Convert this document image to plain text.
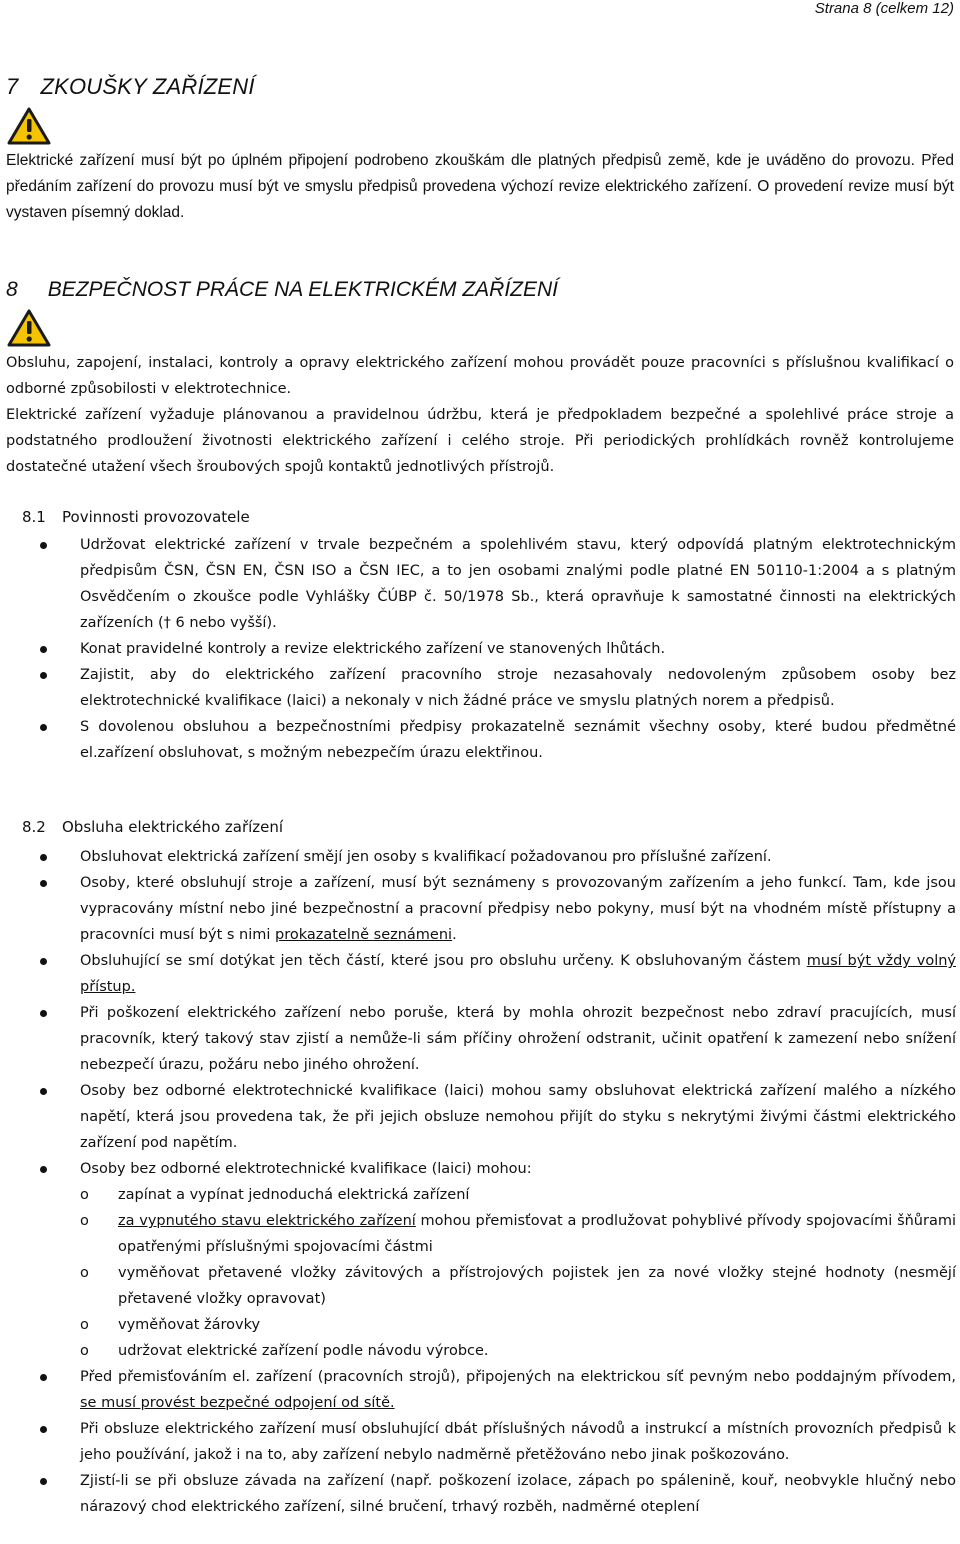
Strana 8 (celkem 12)
7 ZKOUŠKY ZAŘÍZENÍ
Elektrické zařízení musí být po úplném připojení podrobeno zkouškám dle platných předpisů země, kde je uváděno do provozu. Před předáním zařízení do provozu musí být ve smyslu předpisů provedena výchozí revize elektrického zařízení. O provedení revize musí být vystaven písemný doklad.
8 BEZPEČNOST PRÁCE NA ELEKTRICKÉM ZAŘÍZENÍ
Obsluhu, zapojení, instalaci, kontroly a opravy elektrického zařízení mohou provádět pouze pracovníci s příslušnou kvalifikací o odborné způsobilosti v elektrotechnice.
Elektrické zařízení vyžaduje plánovanou a pravidelnou údržbu, která je předpokladem bezpečné a spolehlivé práce stroje a podstatného prodloužení životnosti elektrického zařízení i celého stroje. Při periodických prohlídkách rovněž kontrolujeme dostatečné utažení všech šroubových spojů kontaktů jednotlivých přístrojů.
8.1 Povinnosti provozovatele
Udržovat elektrické zařízení v trvale bezpečném a spolehlivém stavu, který odpovídá platným elektrotechnickým předpisům ČSN, ČSN EN, ČSN ISO a ČSN IEC, a to jen osobami znalými podle platné EN 50110-1:2004 a s platným Osvědčením o zkoušce podle Vyhlášky ČÚBP č. 50/1978 Sb., která opravňuje k samostatné činnosti na elektrických zařízeních († 6 nebo vyšší).
Konat pravidelné kontroly a revize elektrického zařízení ve stanovených lhůtách.
Zajistit, aby do elektrického zařízení pracovního stroje nezasahovaly nedovoleným způsobem osoby bez elektrotechnické kvalifikace (laici) a nekonaly v nich žádné práce ve smyslu platných norem a předpisů.
S dovolenou obsluhou a bezpečnostními předpisy prokazatelně seznámit všechny osoby, které budou předmětné el.zařízení obsluhovat, s možným nebezpečím úrazu elektřinou.
8.2 Obsluha elektrického zařízení
Obsluhovat elektrická zařízení smějí jen osoby s kvalifikací požadovanou pro příslušné zařízení.
Osoby, které obsluhují stroje a zařízení, musí být seznámeny s provozovaným zařízením a jeho funkcí. Tam, kde jsou vypracovány místní nebo jiné bezpečnostní a pracovní předpisy nebo pokyny, musí být na vhodném místě přístupny a pracovníci musí být s nimi prokazatelně seznámeni.
Obsluhující se smí dotýkat jen těch částí, které jsou pro obsluhu určeny. K obsluhovaným částem musí být vždy volný přístup.
Při poškození elektrického zařízení nebo poruše, která by mohla ohrozit bezpečnost nebo zdraví pracujících, musí pracovník, který takový stav zjistí a nemůže-li sám příčiny ohrožení odstranit, učinit opatření k zamezení nebo snížení nebezpečí úrazu, požáru nebo jiného ohrožení.
Osoby bez odborné elektrotechnické kvalifikace (laici) mohou samy obsluhovat elektrická zařízení malého a nízkého napětí, která jsou provedena tak, že při jejich obsluze nemohou přijít do styku s nekrytými živými částmi elektrického zařízení pod napětím.
Osoby bez odborné elektrotechnické kvalifikace (laici) mohou:
o zapínat a vypínat jednoduchá elektrická zařízení
o za vypnutého stavu elektrického zařízení mohou přemisťovat a prodlužovat pohyblivé přívody spojovacími šňůrami opatřenými příslušnými spojovacími částmi
o vyměňovat přetavené vložky závitových a přístrojových pojistek jen za nové vložky stejné hodnoty (nesmějí přetavené vložky opravovat)
o vyměňovat žárovky
o udržovat elektrické zařízení podle návodu výrobce.
Před přemisťováním el. zařízení (pracovních strojů), připojených na elektrickou síť pevným nebo poddajným přívodem, se musí provést bezpečné odpojení od sítě.
Při obsluze elektrického zařízení musí obsluhující dbát příslušných návodů a instrukcí a místních provozních předpisů k jeho používání, jakož i na to, aby zařízení nebylo nadměrně přetěžováno nebo jinak poškozováno.
Zjistí-li se při obsluze závada na zařízení (např. poškození izolace, zápach po spálenině, kouř, neobvykle hlučný nebo nárazový chod elektrického zařízení, silné bručení, trhavý rozběh, nadměrné oteplení
